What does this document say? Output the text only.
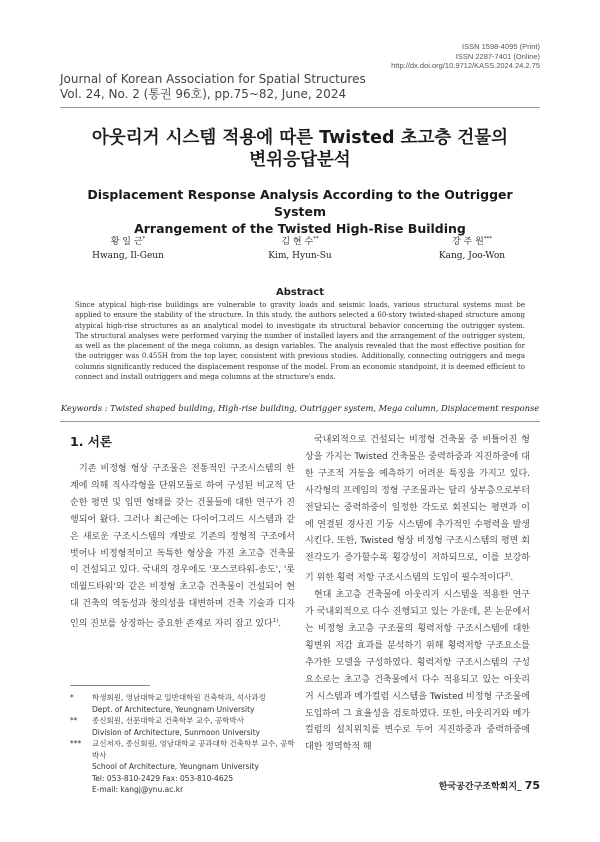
ISSN 1598-4095 (Print)
ISSN 2287-7401 (Online)
http://dx.doi.org/10.9712/KASS.2024.24.2.75
Journal of Korean Association for Spatial Structures
Vol. 24, No. 2 (통권 96호), pp.75~82, June, 2024
아웃리거 시스템 적용에 따른 Twisted 초고층 건물의
변위응답분석
Displacement Response Analysis According to the Outrigger System
Arrangement of the Twisted High-Rise Building
황 일 근*
Hwang, Il-Geun
김 현 수**
Kim, Hyun-Su
강 주 원***
Kang, Joo-Won
Abstract
Since atypical high-rise buildings are vulnerable to gravity loads and seismic loads, various structural systems must be applied to ensure the stability of the structure. In this study, the authors selected a 60-story twisted-shaped structure among atypical high-rise structures as an analytical model to investigate its structural behavior concerning the outrigger system. The structural analyses were performed varying the number of installed layers and the arrangement of the outrigger system, as well as the placement of the mega column, as design variables. The analysis revealed that the most effective position for the outrigger was 0.455H from the top layer, consistent with previous studies. Additionally, connecting outriggers and mega columns significantly reduced the displacement response of the model. From an economic standpoint, it is deemed efficient to connect and install outriggers and mega columns at the structure's ends.
Keywords : Twisted shaped building, High-rise building, Outrigger system, Mega column, Displacement response
1. 서론

기존 비정형 형상 구조물은 전통적인 구조시스템의 한계에 의해 직사각형을 단위모듈로 하여 구성된 비교적 단순한 평면 및 입면 형태를 갖는 건물들에 대한 연구가 진행되어 왔다. 그러나 최근에는 다이어그리드 시스템과 같은 새로운 구조시스템의 개발로 기존의 정형적 구조에서 벗어나 비정형적이고 독특한 형상을 가진 초고층 건축물이 건설되고 있다. 국내의 경우에도 '포스코타워-송도', '롯데월드타워'와 같은 비정형 초고층 건축물이 건설되어 현대 건축의 역동성과 창의성을 대변하며 건축 기술과 디자인의 진보를 상징하는 중요한 존재로 자리 잡고 있다$^{1)}$.

국내외적으로 건설되는 비정형 건축물 중 비틀어진 형상을 가지는 Twisted 건축물은 중력하중과 지진하중에 대한 구조적 거동을 예측하기 어려운 특징을 가지고 있다. 사각형의 프레임의 정형 구조물과는 달리 상부층으로부터 전달되는 중력하중이 일정한 각도로 회전되는 평면과 이에 연결된 경사진 기둥 시스템에 추가적인 수평력을 발생시킨다. 또한, Twisted 형상 비정형 구조시스템의 평면 회전각도가 증가할수록 횡강성이 저하되므로, 이를 보강하기 위한 횡력 저항 구조시스템의 도입이 필수적이다$^{2)}$.

현대 초고층 건축물에 아웃리거 시스템을 적용한 연구가 국내외적으로 다수 진행되고 있는 가운데, 본 논문에서는 비정형 초고층 구조물의 횡력저항 구조시스템에 대한 횡변위 저감 효과를 분석하기 위해 횡력저항 구조요소를 추가한 모델을 구성하였다. 횡력저항 구조시스템의 구성요소로는 초고층 건축물에서 다수 적용되고 있는 아웃리거 시스템과 메가컬럼 시스템을 Twisted 비정형 구조물에 도입하여 그 효율성을 검토하였다. 또한, 아웃리거와 메가컬럼의 설치위치를 변수로 두어 지진하중과 중력하중에 대한 정역학적 해

*	학생회원, 영남대학교 일반대학원 건축학과, 석사과정
Dept. of Architecture, Yeungnam University
**	종신회원, 선문대학교 건축학부 교수, 공학박사
Division of Architecture, Sunmoon University
***	교신저자, 종신회원, 영남대학교 공과대학 건축학부 교수, 공학박사
School of Architecture, Yeungnam University
Tel: 053-810-2429 Fax: 053-810-4625
E-mail: kangj@ynu.ac.kr	한국공간구조학회지_ 75
